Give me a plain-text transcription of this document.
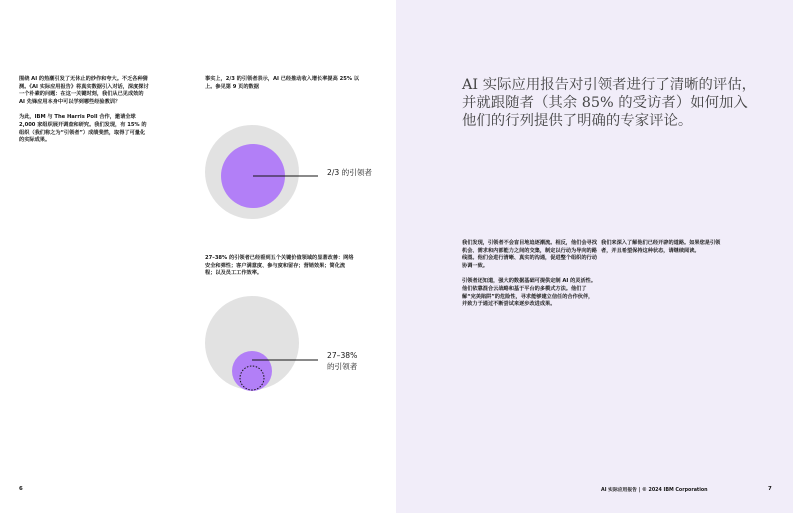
围绕 AI 的热潮引发了无休止的炒作和夸大。不乏各种猜测。《AI 实际应用报告》将真实数据引入对话，深度探讨一个朴素的问题：在这一关键时刻，我们从已见成效的 AI 先锋应用本身中可以学到哪些经验教训？

为此，IBM 与 The Harris Poll 合作，邀请全球 2,000 家组织展开调查和研究。我们发现，有 15% 的组织（我们称之为“引领者”）成绩斐然，取得了可量化的实际成果。

事实上，2/3 的引领者表示，AI 已经推动收入增长率提高 25% 以上。参见第 9 页的数据

2/3 的引领者

27–38% 的引领者已经看到五个关键价值领域的显著改善：网络安全和弹性；客户满意度、参与度和留存；营销效果；简化流程；以及员工工作效率。

27–38% 的引领者

6
AI 实际应用报告对引领者进行了清晰的评估，并就跟随者（其余 85% 的受访者）如何加入他们的行列提供了明确的专家评论。

我们发现，引领者不会盲目地追逐潮流。相反，他们会寻找机会、需求和内部能力之间的交集，制定以行动为导向的路线图。他们会进行清晰、真实的沟通，促进整个组织的行动协调一致。

引领者还知道，强大的数据基础可提供定制 AI 的灵活性。他们依靠混合云战略和基于平台的多模式方法。他们了解“完美陷阱”的危险性，寻求能够建立信任的合作伙伴，并致力于通过不断尝试来逐步改进成果。

我们来深入了解他们已经开辟的道路。如果您是引领者，并且希望保持这种状态，请继续阅读。

AI 实际应用报告 | © 2024 IBM Corporation	7
